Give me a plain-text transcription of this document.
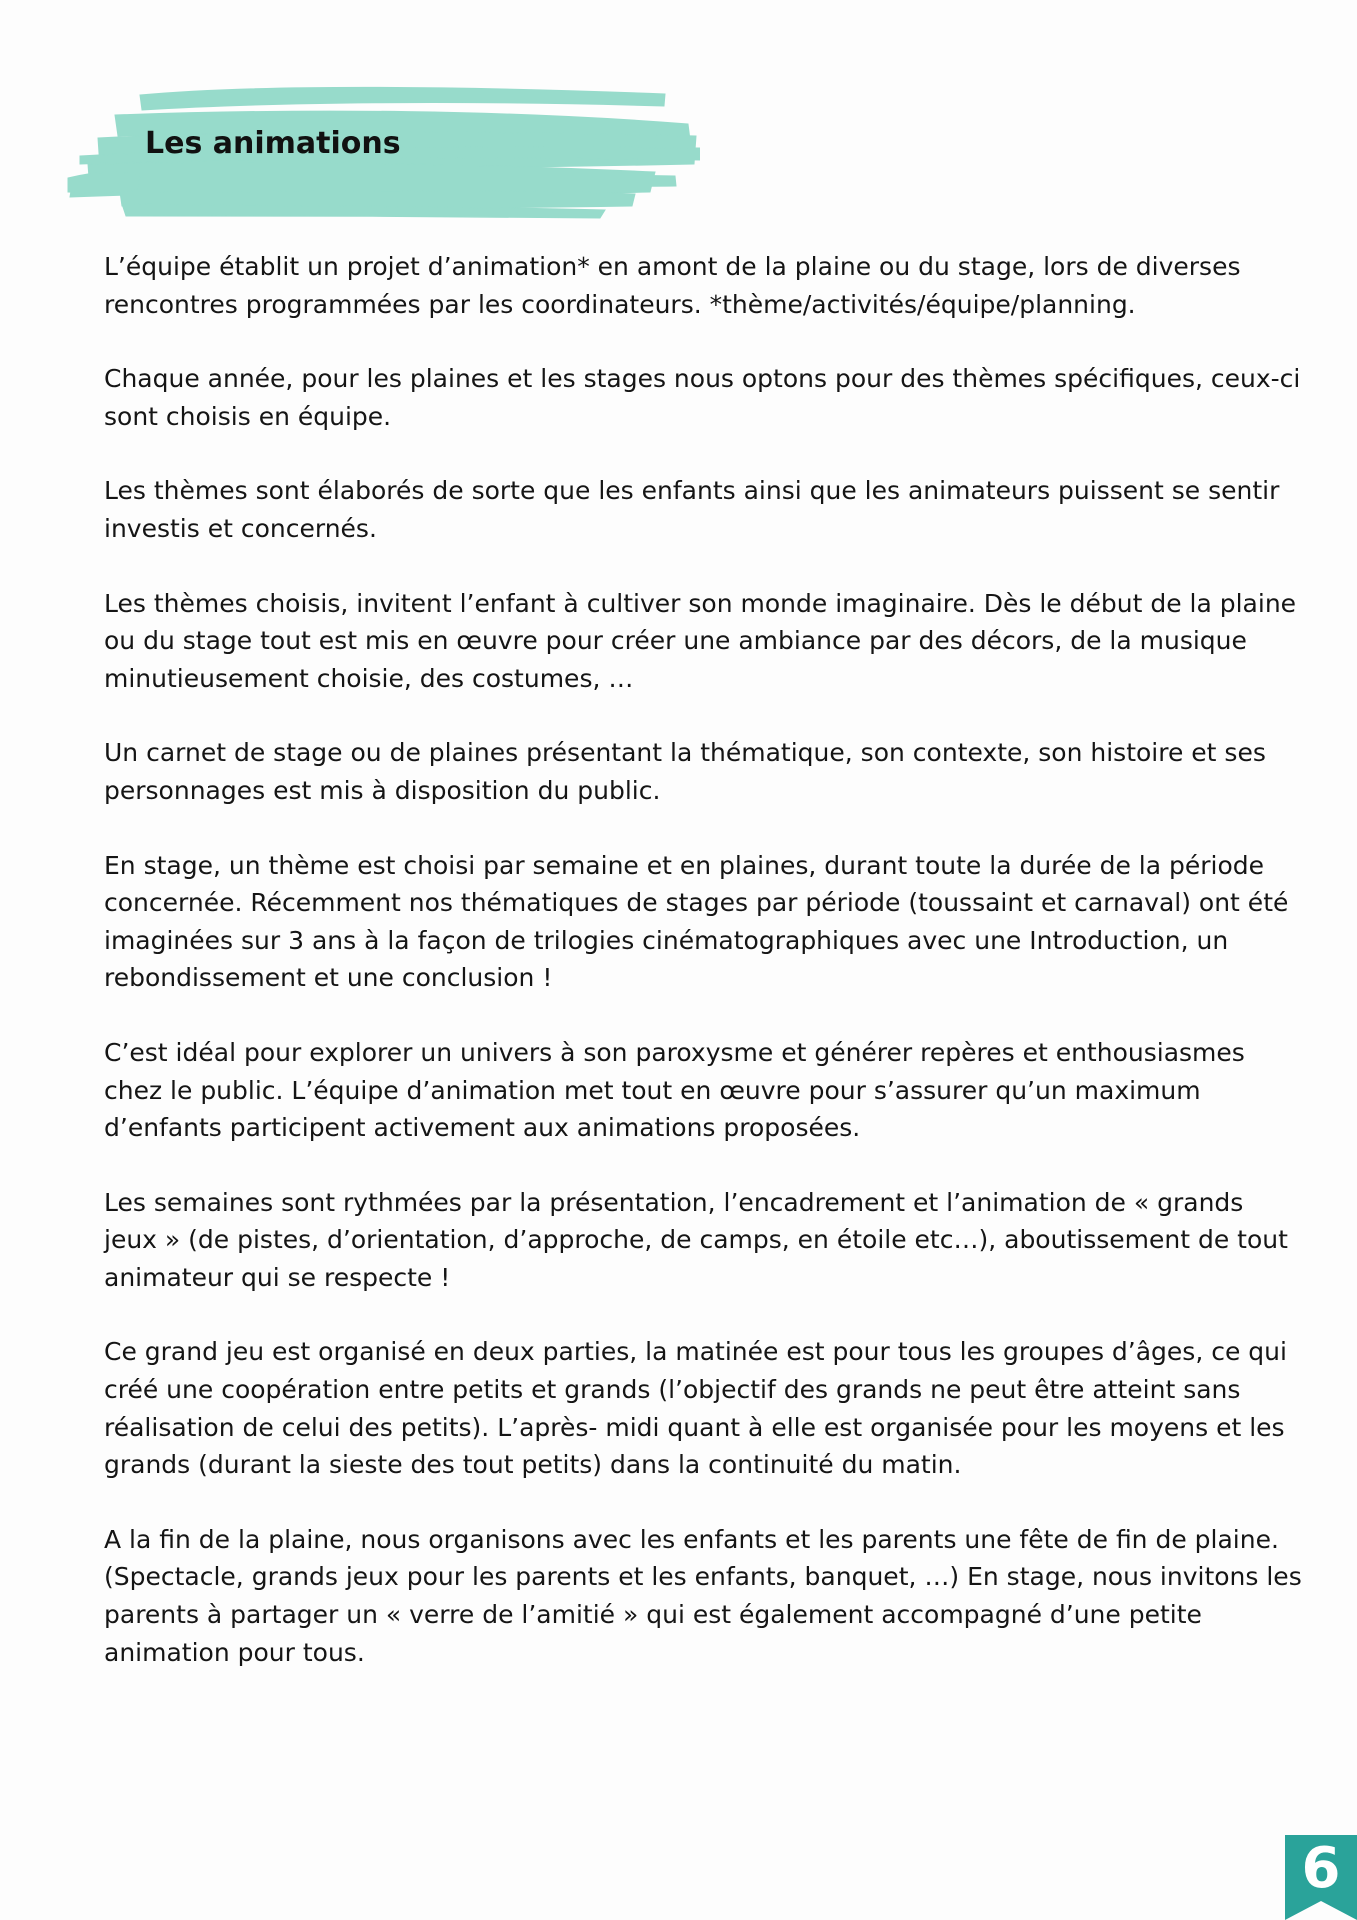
Les animations

L’équipe établit un projet d’animation* en amont de la plaine ou du stage, lors de diverses rencontres programmées par les coordinateurs. *thème/activités/équipe/planning.

Chaque année, pour les plaines et les stages nous optons pour des thèmes spécifiques, ceux-ci sont choisis en équipe.

Les thèmes sont élaborés de sorte que les enfants ainsi que les animateurs puissent se sentir investis et concernés.

Les thèmes choisis, invitent l’enfant à cultiver son monde imaginaire. Dès le début de la plaine ou du stage tout est mis en œuvre pour créer une ambiance par des décors, de la musique minutieusement choisie, des costumes, …

Un carnet de stage ou de plaines présentant la thématique, son contexte, son histoire et ses personnages est mis à disposition du public.

En stage, un thème est choisi par semaine et en plaines, durant toute la durée de la période concernée. Récemment nos thématiques de stages par période (toussaint et carnaval) ont été imaginées sur 3 ans à la façon de trilogies cinématographiques avec une Introduction, un rebondissement et une conclusion !

C’est idéal pour explorer un univers à son paroxysme et générer repères et enthousiasmes chez le public. L’équipe d’animation met tout en œuvre pour s’assurer qu’un maximum d’enfants participent activement aux animations proposées.

Les semaines sont rythmées par la présentation, l’encadrement et l’animation de « grands jeux » (de pistes, d’orientation, d’approche, de camps, en étoile etc…), aboutissement de tout animateur qui se respecte !

Ce grand jeu est organisé en deux parties, la matinée est pour tous les groupes d’âges, ce qui créé une coopération entre petits et grands (l’objectif des grands ne peut être atteint sans réalisation de celui des petits). L’après- midi quant à elle est organisée pour les moyens et les grands (durant la sieste des tout petits) dans la continuité du matin.

A la fin de la plaine, nous organisons avec les enfants et les parents une fête de fin de plaine. (Spectacle, grands jeux pour les parents et les enfants, banquet, …) En stage, nous invitons les parents à partager un « verre de l’amitié » qui est également accompagné d’une petite animation pour tous.

6
